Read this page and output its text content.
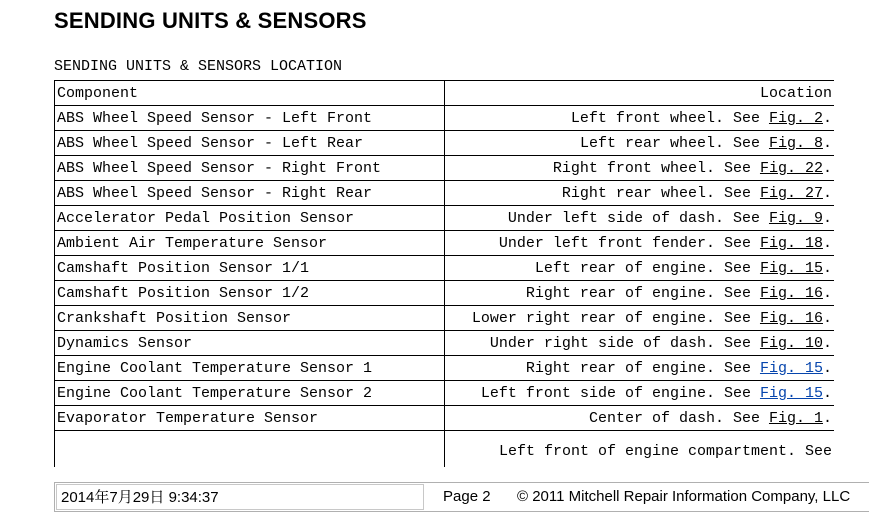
SENDING UNITS & SENSORS
SENDING UNITS & SENSORS LOCATION
Component	Location
ABS Wheel Speed Sensor - Left Front	Left front wheel. See Fig. 2.
ABS Wheel Speed Sensor - Left Rear	Left rear wheel. See Fig. 8.
ABS Wheel Speed Sensor - Right Front	Right front wheel. See Fig. 22.
ABS Wheel Speed Sensor - Right Rear	Right rear wheel. See Fig. 27.
Accelerator Pedal Position Sensor	Under left side of dash. See Fig. 9.
Ambient Air Temperature Sensor	Under left front fender. See Fig. 18.
Camshaft Position Sensor 1/1	Left rear of engine. See Fig. 15.
Camshaft Position Sensor 1/2	Right rear of engine. See Fig. 16.
Crankshaft Position Sensor	Lower right rear of engine. See Fig. 16.
Dynamics Sensor	Under right side of dash. See Fig. 10.
Engine Coolant Temperature Sensor 1	Right rear of engine. See Fig. 15.
Engine Coolant Temperature Sensor 2	Left front side of engine. See Fig. 15.
Evaporator Temperature Sensor	Center of dash. See Fig. 1.
	Left front of engine compartment. See
2014年7月29日 9:34:37	Page 2 © 2011 Mitchell Repair Information Company, LLC
